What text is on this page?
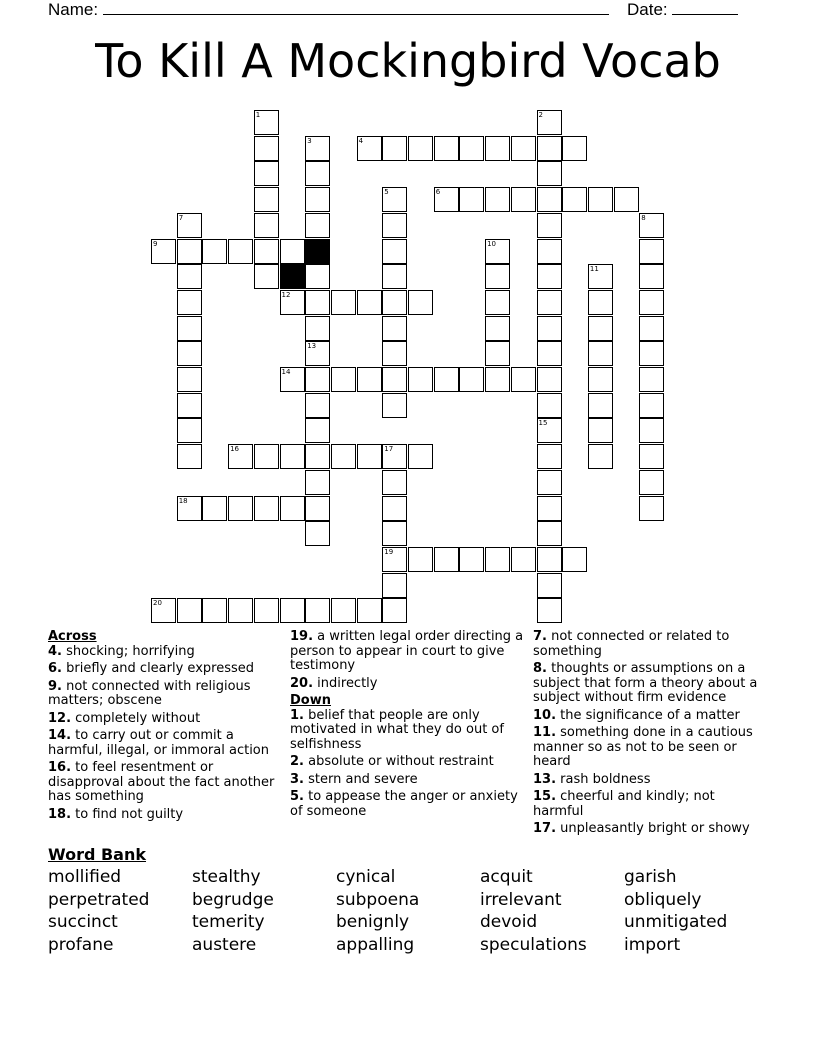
Name:	Date:
To Kill A Mockingbird Vocab
1	2
3	4
5	6
7	8
9	10
11
12
13
14
15
16	17
18
19
20

Across

4. shocking; horrifying

6. briefly and clearly expressed

9. not connected with religious matters; obscene

12. completely without

14. to carry out or commit a harmful, illegal, or immoral action

16. to feel resentment or disapproval about the fact another has something

18. to find not guilty

19. a written legal order directing a person to appear in court to give testimony

20. indirectly

Down

1. belief that people are only motivated in what they do out of selfishness

2. absolute or without restraint

3. stern and severe

5. to appease the anger or anxiety of someone

7. not connected or related to something

8. thoughts or assumptions on a subject that form a theory about a subject without firm evidence

10. the significance of a matter

11. something done in a cautious manner so as not to be seen or heard

13. rash boldness

15. cheerful and kindly; not harmful

17. unpleasantly bright or showy

Word Bank
mollified	stealthy	cynical	acquit	garish
perpetrated	begrudge	subpoena	irrelevant	obliquely
succinct	temerity	benignly	devoid	unmitigated
profane	austere	appalling	speculations import
